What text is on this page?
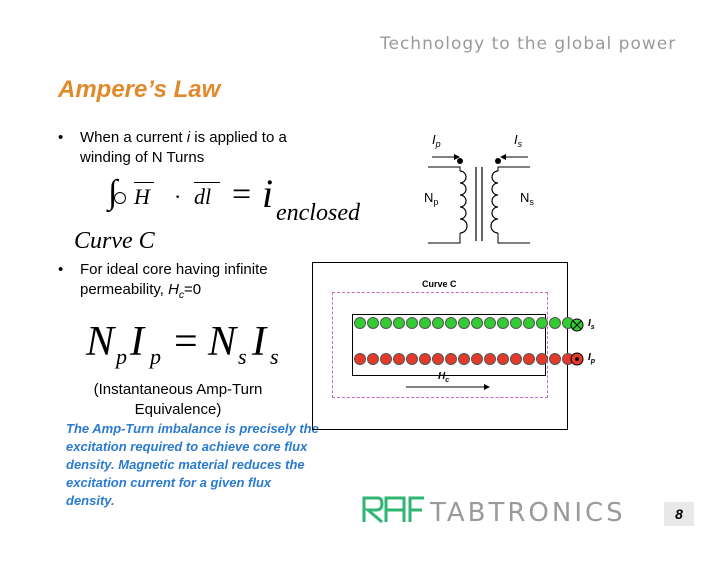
Technology to the global power
Ampere’s Law
• When a current i is applied to a
winding of N Turns
∫ H · dl = i enclosed
Curve C
• For ideal core having infinite
permeability, $H_c=0$
N p I p = N s I s
(Instantaneous Amp-Turn
Equivalence)
The Amp-Turn imbalance is precisely the excitation required to achieve core flux density. Magnetic material reduces the excitation current for a given flux density.
$I_p$	$I_s$
$N_p$	$N_s$
Curve C
$H_c$
$I_s$
$I_p$
TABTRONICS	8
